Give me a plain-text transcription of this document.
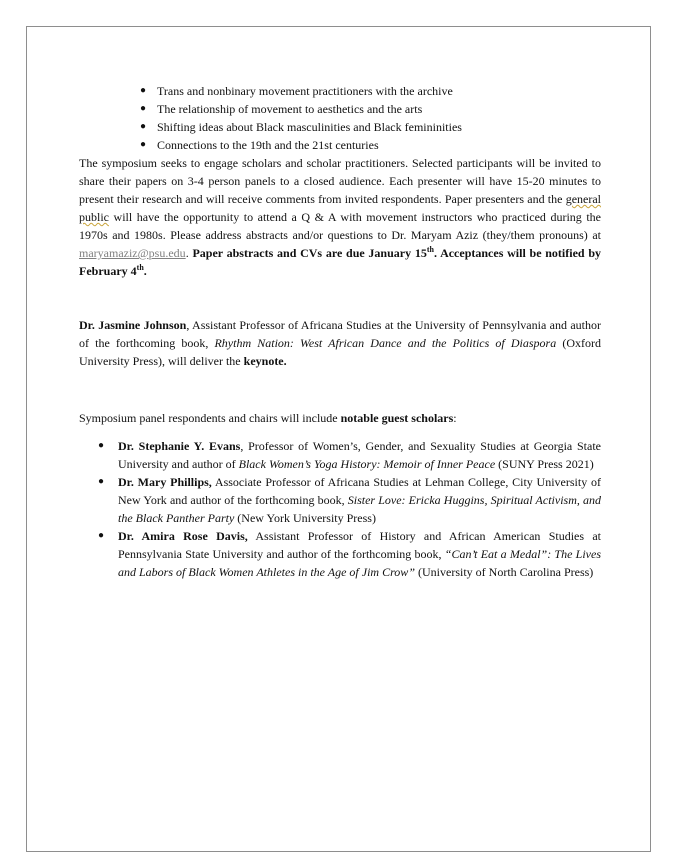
● Trans and nonbinary movement practitioners with the archive
● The relationship of movement to aesthetics and the arts
● Shifting ideas about Black masculinities and Black femininities
● Connections to the 19th and the 21st centuries

The symposium seeks to engage scholars and scholar practitioners. Selected participants will be invited to share their papers on 3-4 person panels to a closed audience. Each presenter will have 15-20 minutes to present their research and will receive comments from invited respondents. Paper presenters and the general public will have the opportunity to attend a Q & A with movement instructors who practiced during the 1970s and 1980s. Please address abstracts and/or questions to Dr. Maryam Aziz (they/them pronouns) at maryamaziz@psu.edu. Paper abstracts and CVs are due January 15th. Acceptances will be notified by February 4th.

Dr. Jasmine Johnson, Assistant Professor of Africana Studies at the University of Pennsylvania and author of the forthcoming book, Rhythm Nation: West African Dance and the Politics of Diaspora (Oxford University Press), will deliver the keynote.

Symposium panel respondents and chairs will include notable guest scholars:

● Dr. Stephanie Y. Evans, Professor of Women’s, Gender, and Sexuality Studies at Georgia State University and author of Black Women’s Yoga History: Memoir of Inner Peace (SUNY Press 2021)
● Dr. Mary Phillips, Associate Professor of Africana Studies at Lehman College, City University of New York and author of the forthcoming book, Sister Love: Ericka Huggins, Spiritual Activism, and the Black Panther Party (New York University Press)
● Dr. Amira Rose Davis, Assistant Professor of History and African American Studies at Pennsylvania State University and author of the forthcoming book, “Can’t Eat a Medal”: The Lives and Labors of Black Women Athletes in the Age of Jim Crow” (University of North Carolina Press)
